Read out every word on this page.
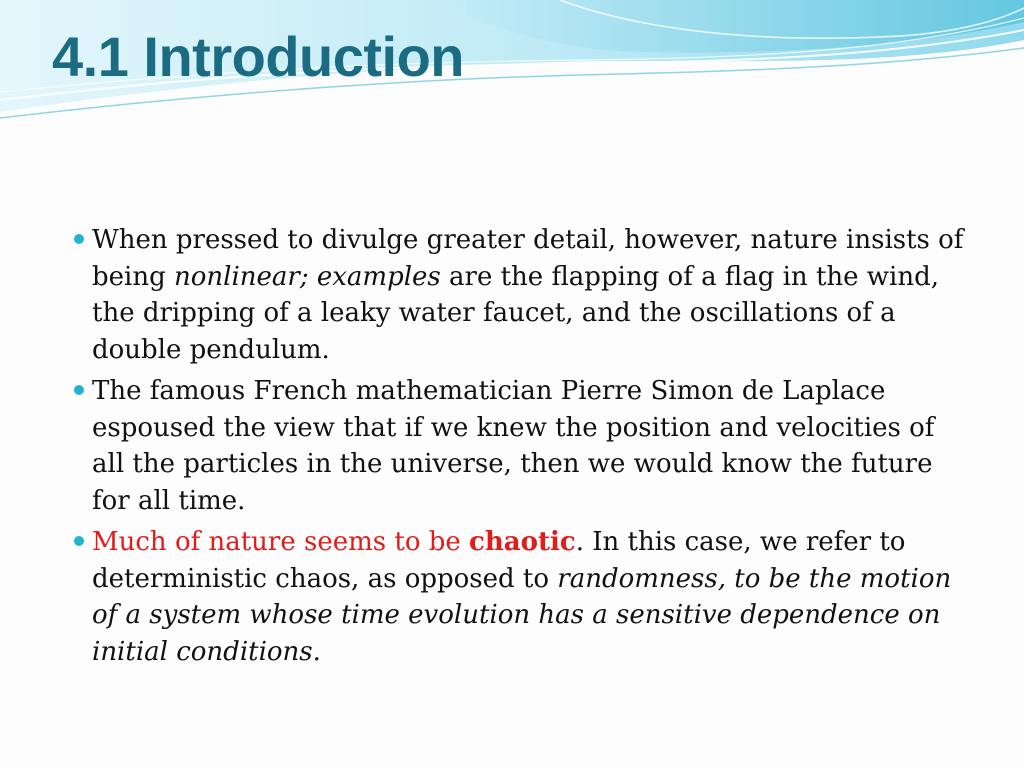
4.1 Introduction

When pressed to divulge greater detail, however, nature insists of being nonlinear; examples are the flapping of a flag in the wind, the dripping of a leaky water faucet, and the oscillations of a double pendulum.

The famous French mathematician Pierre Simon de Laplace espoused the view that if we knew the position and velocities of all the particles in the universe, then we would know the future for all time.

Much of nature seems to be chaotic. In this case, we refer to deterministic chaos, as opposed to randomness, to be the motion of a system whose time evolution has a sensitive dependence on initial conditions.
